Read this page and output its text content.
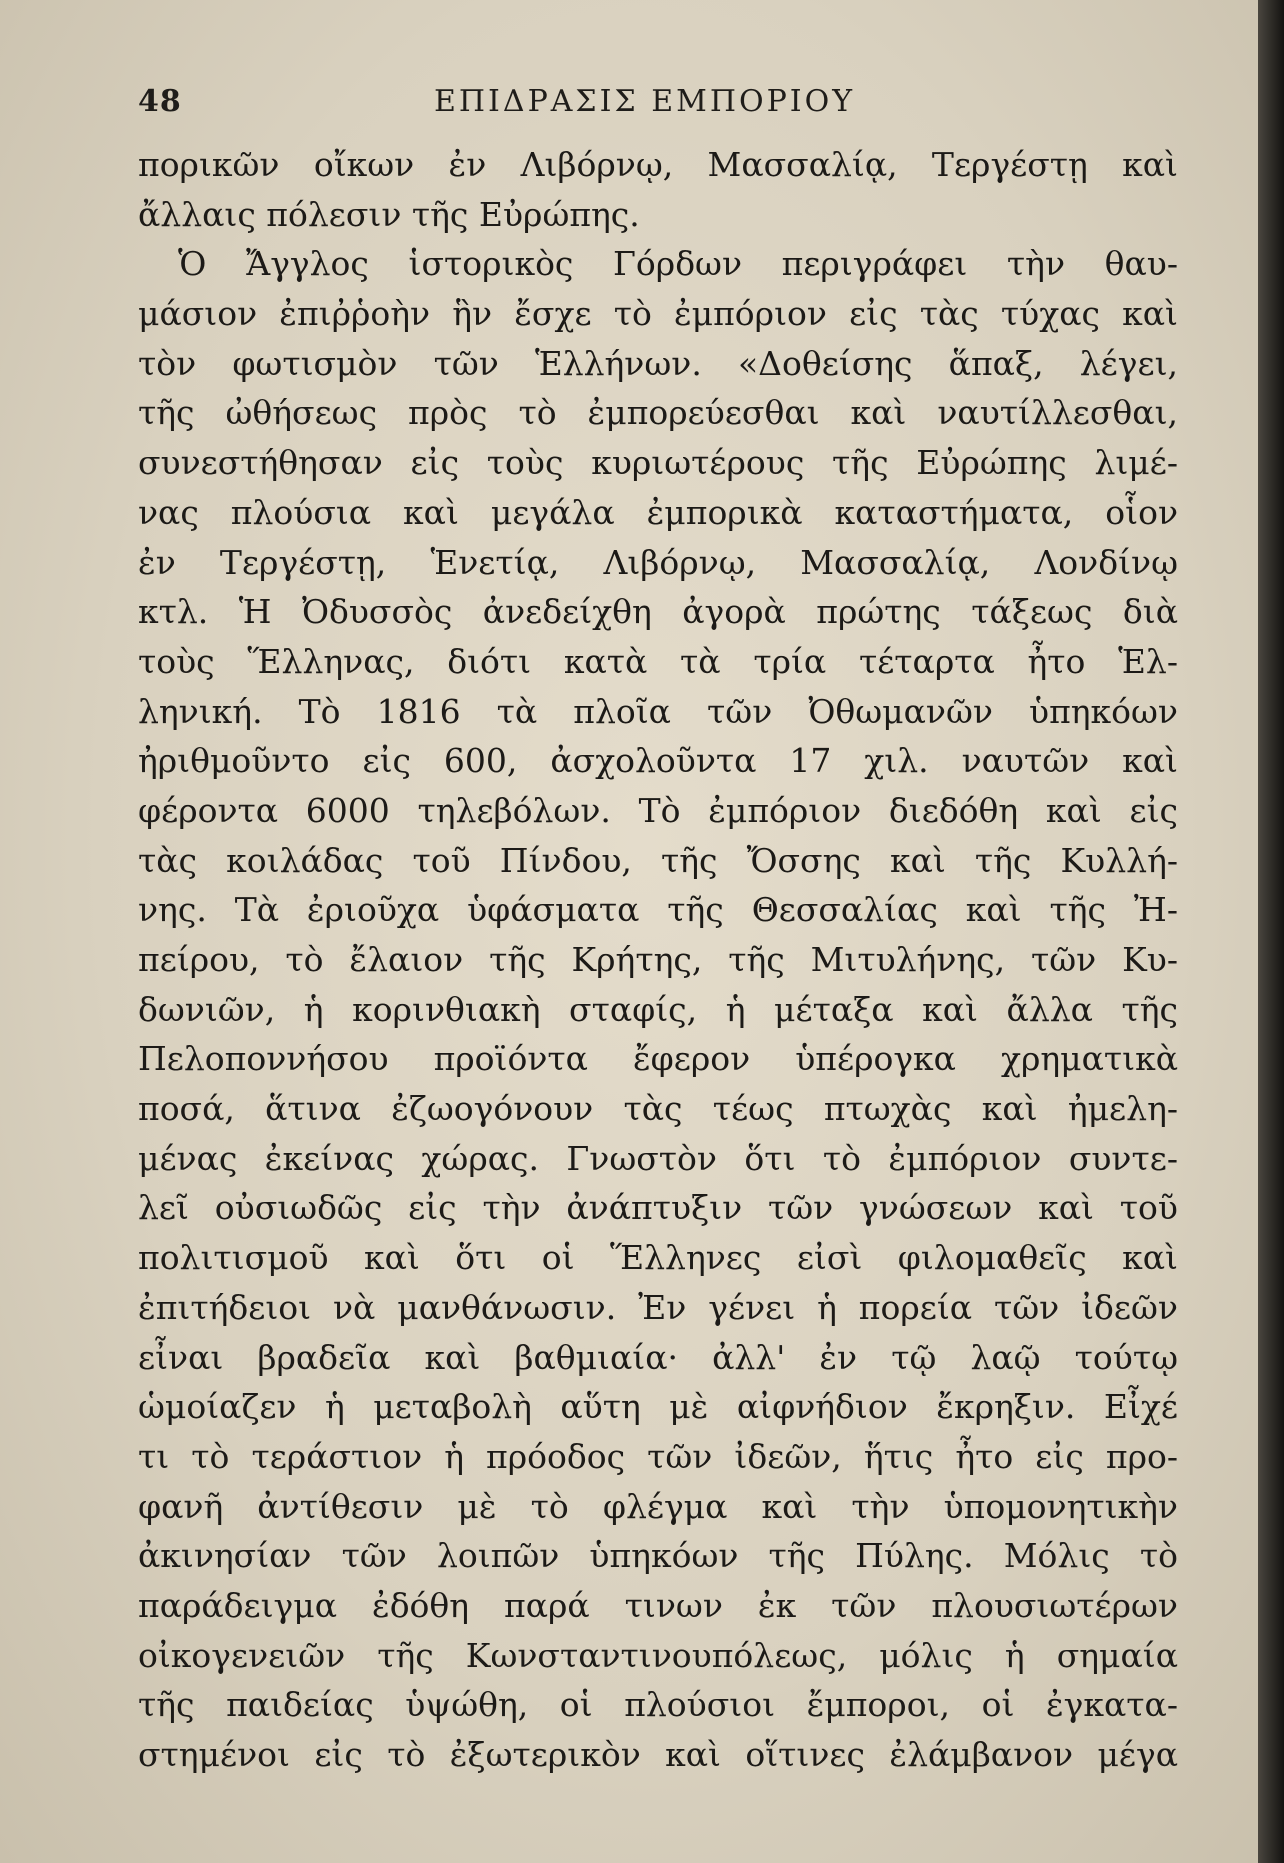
48	ΕΠΙΔΡΑΣΙΣ ΕΜΠΟΡΙΟΥ
πορικῶν οἴκων ἐν Λιβόρνῳ, Μασσαλίᾳ, Τεργέστῃ καὶ
ἄλλαις πόλεσιν τῆς Εὐρώπης.
Ὁ Ἄγγλος ἱστορικὸς Γόρδων περιγράφει τὴν θαυ-
μάσιον ἐπιῤῥοὴν ἣν ἔσχε τὸ ἐμπόριον εἰς τὰς τύχας καὶ
τὸν φωτισμὸν τῶν Ἑλλήνων. «Δοθείσης ἅπαξ, λέγει,
τῆς ὠθήσεως πρὸς τὸ ἐμπορεύεσθαι καὶ ναυτίλλεσθαι,
συνεστήθησαν εἰς τοὺς κυριωτέρους τῆς Εὐρώπης λιμέ-
νας πλούσια καὶ μεγάλα ἐμπορικὰ καταστήματα, οἷον
ἐν Τεργέστῃ, Ἑνετίᾳ, Λιβόρνῳ, Μασσαλίᾳ, Λονδίνῳ
κτλ. Ἡ Ὀδυσσὸς ἀνεδείχθη ἀγορὰ πρώτης τάξεως διὰ
τοὺς Ἕλληνας, διότι κατὰ τὰ τρία τέταρτα ἦτο Ἑλ-
ληνική. Τὸ 1816 τὰ πλοῖα τῶν Ὀθωμανῶν ὑπηκόων
ἠριθμοῦντο εἰς 600, ἀσχολοῦντα 17 χιλ. ναυτῶν καὶ
φέροντα 6000 τηλεβόλων. Τὸ ἐμπόριον διεδόθη καὶ εἰς
τὰς κοιλάδας τοῦ Πίνδου, τῆς Ὄσσης καὶ τῆς Κυλλή-
νης. Τὰ ἐριοῦχα ὑφάσματα τῆς Θεσσαλίας καὶ τῆς Ἠ-
πείρου, τὸ ἔλαιον τῆς Κρήτης, τῆς Μιτυλήνης, τῶν Κυ-
δωνιῶν, ἡ κορινθιακὴ σταφίς, ἡ μέταξα καὶ ἄλλα τῆς
Πελοποννήσου προϊόντα ἔφερον ὑπέρογκα χρηματικὰ
ποσά, ἅτινα ἐζωογόνουν τὰς τέως πτωχὰς καὶ ἠμελη-
μένας ἐκείνας χώρας. Γνωστὸν ὅτι τὸ ἐμπόριον συντε-
λεῖ οὐσιωδῶς εἰς τὴν ἀνάπτυξιν τῶν γνώσεων καὶ τοῦ
πολιτισμοῦ καὶ ὅτι οἱ Ἕλληνες εἰσὶ φιλομαθεῖς καὶ
ἐπιτήδειοι νὰ μανθάνωσιν. Ἐν γένει ἡ πορεία τῶν ἰδεῶν
εἶναι βραδεῖα καὶ βαθμιαία· ἀλλ' ἐν τῷ λαῷ τούτῳ
ὡμοίαζεν ἡ μεταβολὴ αὕτη μὲ αἰφνήδιον ἔκρηξιν. Εἶχέ
τι τὸ τεράστιον ἡ πρόοδος τῶν ἰδεῶν, ἥτις ἦτο εἰς προ-
φανῆ ἀντίθεσιν μὲ τὸ φλέγμα καὶ τὴν ὑπομονητικὴν
ἀκινησίαν τῶν λοιπῶν ὑπηκόων τῆς Πύλης. Μόλις τὸ
παράδειγμα ἐδόθη παρά τινων ἐκ τῶν πλουσιωτέρων
οἰκογενειῶν τῆς Κωνσταντινουπόλεως, μόλις ἡ σημαία
τῆς παιδείας ὑψώθη, οἱ πλούσιοι ἔμποροι, οἱ ἐγκατα-
στημένοι εἰς τὸ ἐξωτερικὸν καὶ οἵτινες ἐλάμβανον μέγα
